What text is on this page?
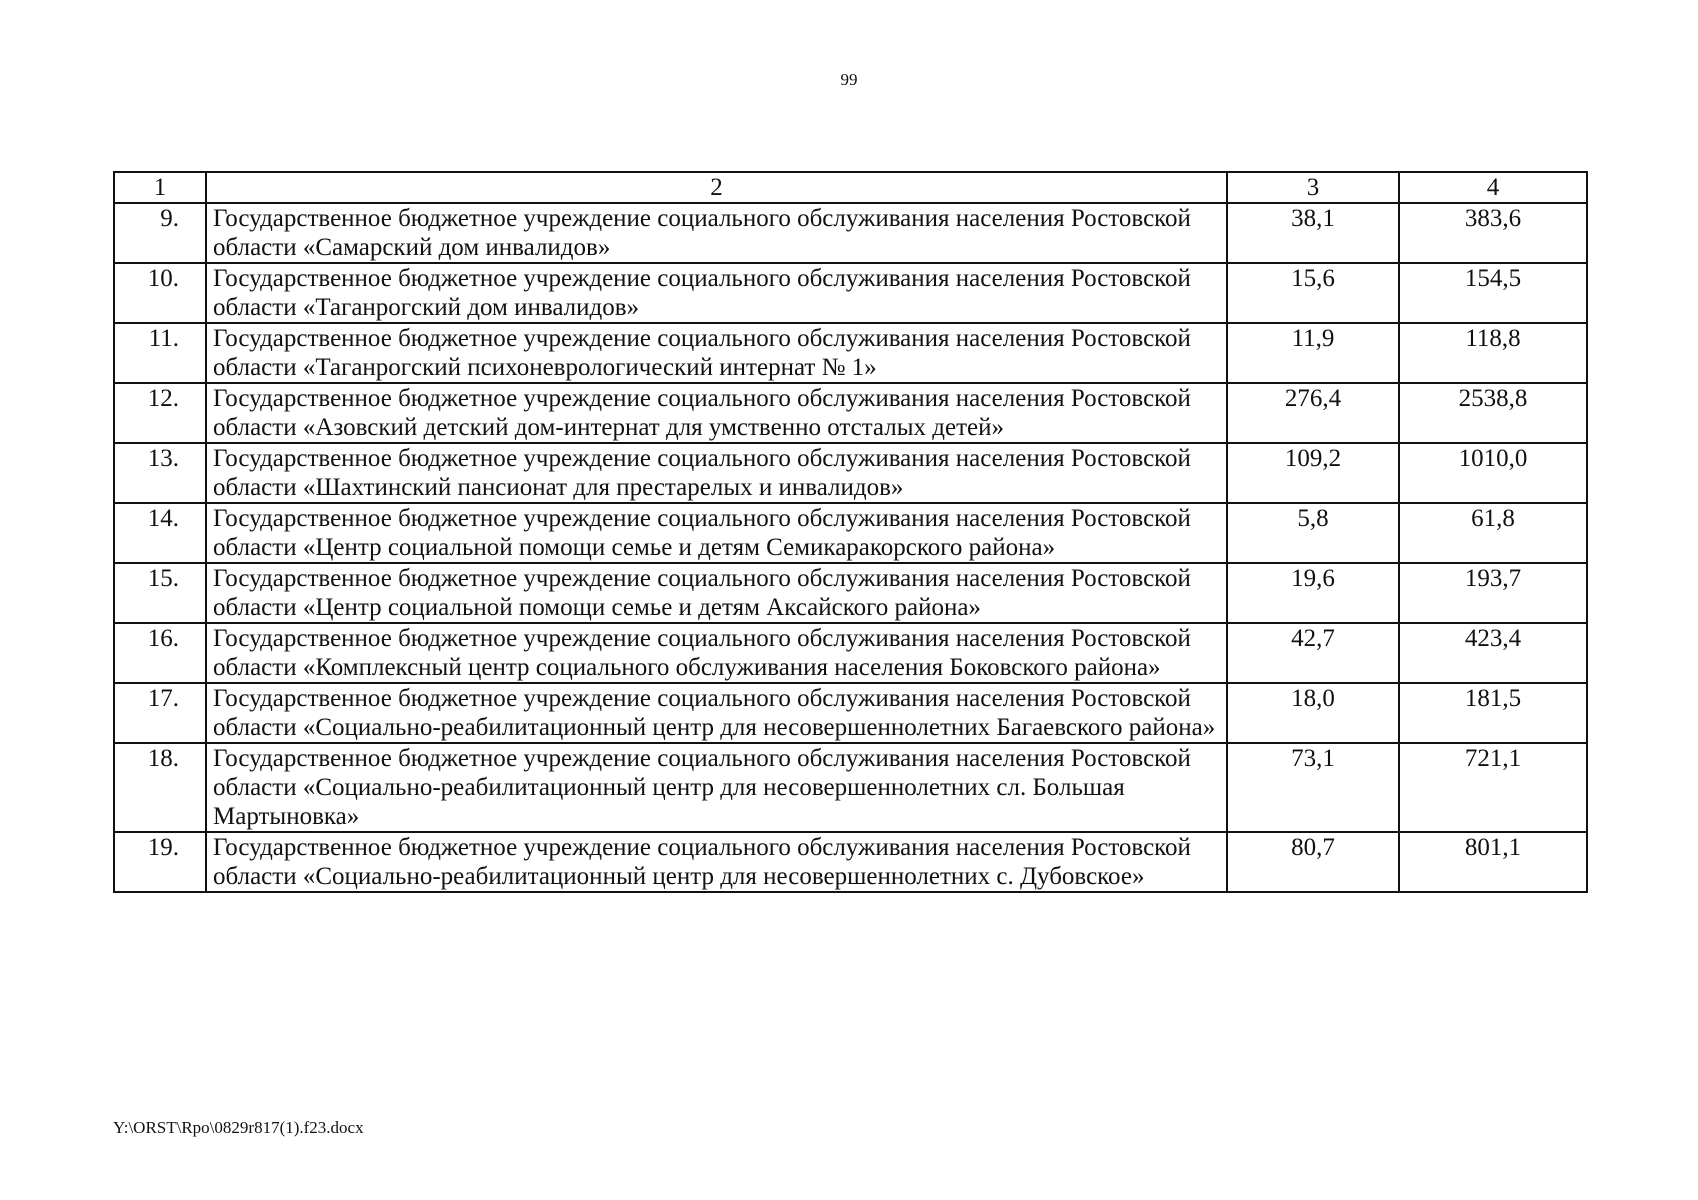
99
1	2	3	4
9.	Государственное бюджетное учреждение социального обслуживания населения Ростовской области «Самарский дом инвалидов»	38,1	383,6
10.	Государственное бюджетное учреждение социального обслуживания населения Ростовской области «Таганрогский дом инвалидов»	15,6	154,5
11.	Государственное бюджетное учреждение социального обслуживания населения Ростовской области «Таганрогский психоневрологический интернат № 1»	11,9	118,8
12.	Государственное бюджетное учреждение социального обслуживания населения Ростовской области «Азовский детский дом-интернат для умственно отсталых детей»	276,4	2538,8
13.	Государственное бюджетное учреждение социального обслуживания населения Ростовской области «Шахтинский пансионат для престарелых и инвалидов»	109,2	1010,0
14.	Государственное бюджетное учреждение социального обслуживания населения Ростовской области «Центр социальной помощи семье и детям Семикаракорского района»	5,8	61,8
15.	Государственное бюджетное учреждение социального обслуживания населения Ростовской области «Центр социальной помощи семье и детям Аксайского района»	19,6	193,7
16.	Государственное бюджетное учреждение социального обслуживания населения Ростовской области «Комплексный центр социального обслуживания населения Боковского района»	42,7	423,4
17.	Государственное бюджетное учреждение социального обслуживания населения Ростовской области «Социально-реабилитационный центр для несовершеннолетних Багаевского района»	18,0	181,5
18.	Государственное бюджетное учреждение социального обслуживания населения Ростовской области «Социально-реабилитационный центр для несовершеннолетних сл. Большая Мартыновка»	73,1	721,1
19.	Государственное бюджетное учреждение социального обслуживания населения Ростовской области «Социально-реабилитационный центр для несовершеннолетних с. Дубовское»	80,7	801,1
Y:\ORST\Rpo\0829r817(1).f23.docx
